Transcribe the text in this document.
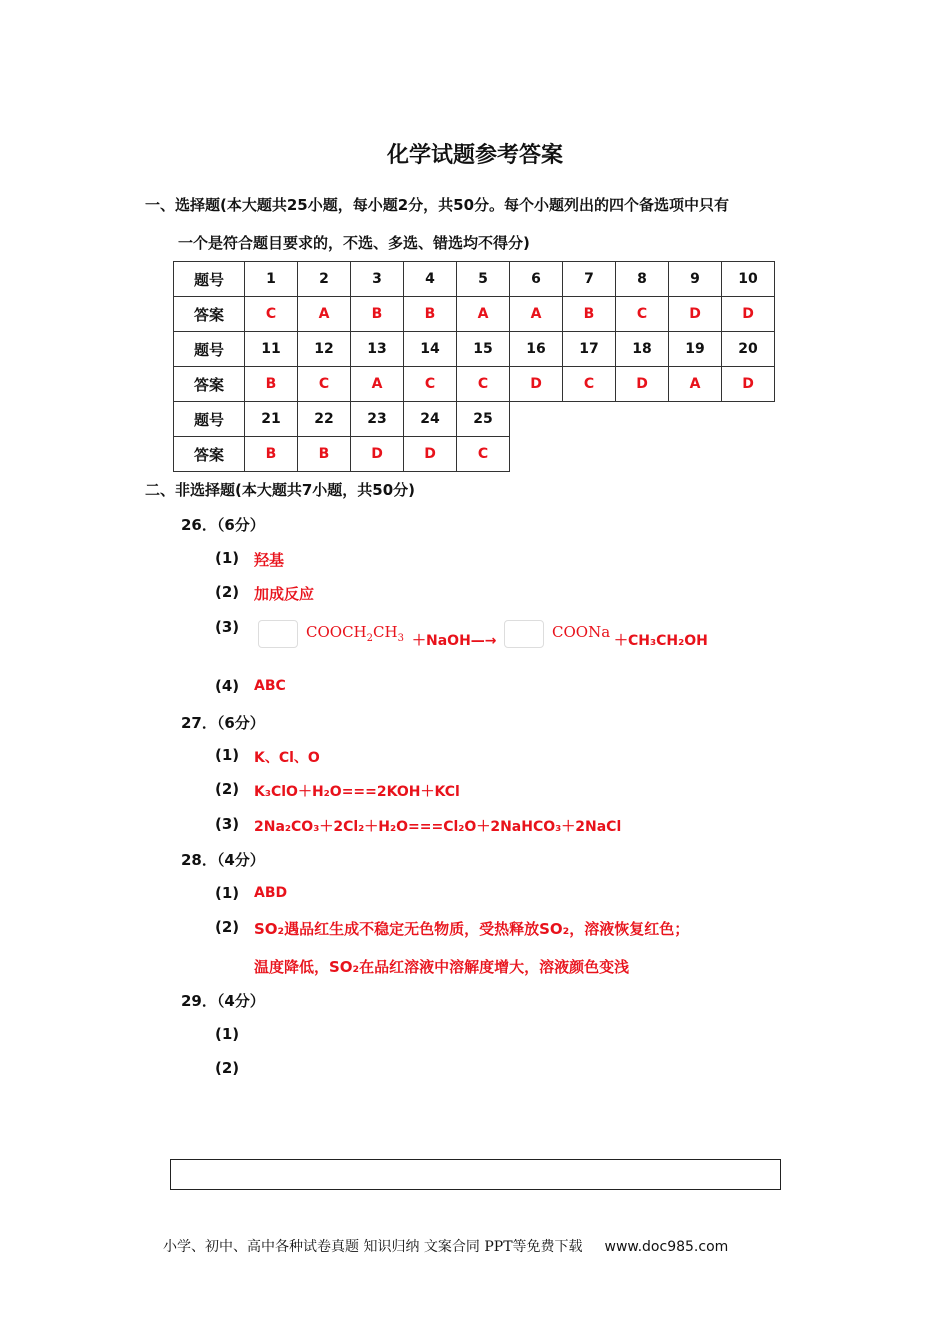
化学试题参考答案
一、选择题(本大题共25小题，每小题2分，共50分。每个小题列出的四个备选项中只有
一个是符合题目要求的，不选、多选、错选均不得分)
题号	1	2	3	4	5	6	7	8	9	10
答案	C	A	B	B	A	A	B	C	D	D
题号	11	12	13	14	15	16	17	18	19	20
答案	B	C	A	C	C	D	C	D	A	D
题号	21	22	23	24	25					
答案	B	B	D	D	C					
二、非选择题(本大题共7小题，共50分)
26．（6分）
(1) 羟基
(2) 加成反应
(3)	$COOCH_2CH_3$ ＋NaOH—→	COONa ＋CH₃CH₂OH
(4) ABC
27．（6分）
(1) K、Cl、O
(2) K₃ClO＋H₂O===2KOH＋KCl
(3) 2Na₂CO₃＋2Cl₂＋H₂O===Cl₂O＋2NaHCO₃＋2NaCl
28．（4分）
(1) ABD
(2) SO₂遇品红生成不稳定无色物质，受热释放SO₂，溶液恢复红色；
温度降低，SO₂在品红溶液中溶解度增大，溶液颜色变浅
29．（4分）
(1)
(2)
小学、初中、高中各种试卷真题 知识归纳 文案合同 PPT等免费下载 www.doc985.com
